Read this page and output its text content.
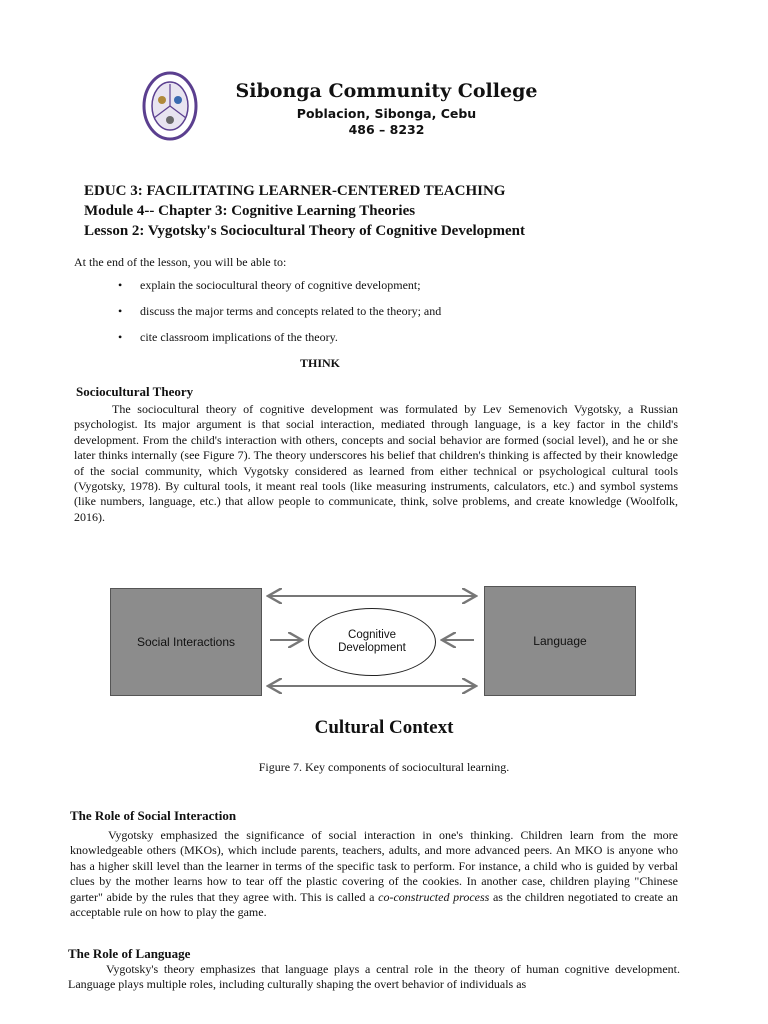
Sibonga Community College
Poblacion, Sibonga, Cebu
486 – 8232
EDUC 3: FACILITATING LEARNER-CENTERED TEACHING
Module 4-- Chapter 3: Cognitive Learning Theories
Lesson 2: Vygotsky's Sociocultural Theory of Cognitive Development
At the end of the lesson, you will be able to:
• explain the sociocultural theory of cognitive development;
• discuss the major terms and concepts related to the theory; and
• cite classroom implications of the theory.
THINK
Sociocultural Theory
The sociocultural theory of cognitive development was formulated by Lev Semenovich Vygotsky, a Russian psychologist. Its major argument is that social interaction, mediated through language, is a key factor in the child's development. From the child's interaction with others, concepts and social behavior are formed (social level), and he or she later thinks internally (see Figure 7). The theory underscores his belief that children's thinking is affected by their knowledge of the social community, which Vygotsky considered as learned from either technical or psychological cultural tools (Vygotsky, 1978). By cultural tools, it meant real tools (like measuring instruments, calculators, etc.) and symbol systems (like numbers, language, etc.) that allow people to communicate, think, solve problems, and create knowledge (Woolfolk, 2016).
Social Interactions	Cognitive Development	Language
Cultural Context
Figure 7. Key components of sociocultural learning.
The Role of Social Interaction
Vygotsky emphasized the significance of social interaction in one's thinking. Children learn from the more knowledgeable others (MKOs), which include parents, teachers, adults, and more advanced peers. An MKO is anyone who has a higher skill level than the learner in terms of the specific task to perform. For instance, a child who is guided by verbal clues by the mother learns how to tear off the plastic covering of the cookies. In another case, children playing "Chinese garter" abide by the rules that they agree with. This is called a co-constructed process as the children negotiated to create an acceptable rule on how to play the game.
The Role of Language
Vygotsky's theory emphasizes that language plays a central role in the theory of human cognitive development. Language plays multiple roles, including culturally shaping the overt behavior of individuals as
